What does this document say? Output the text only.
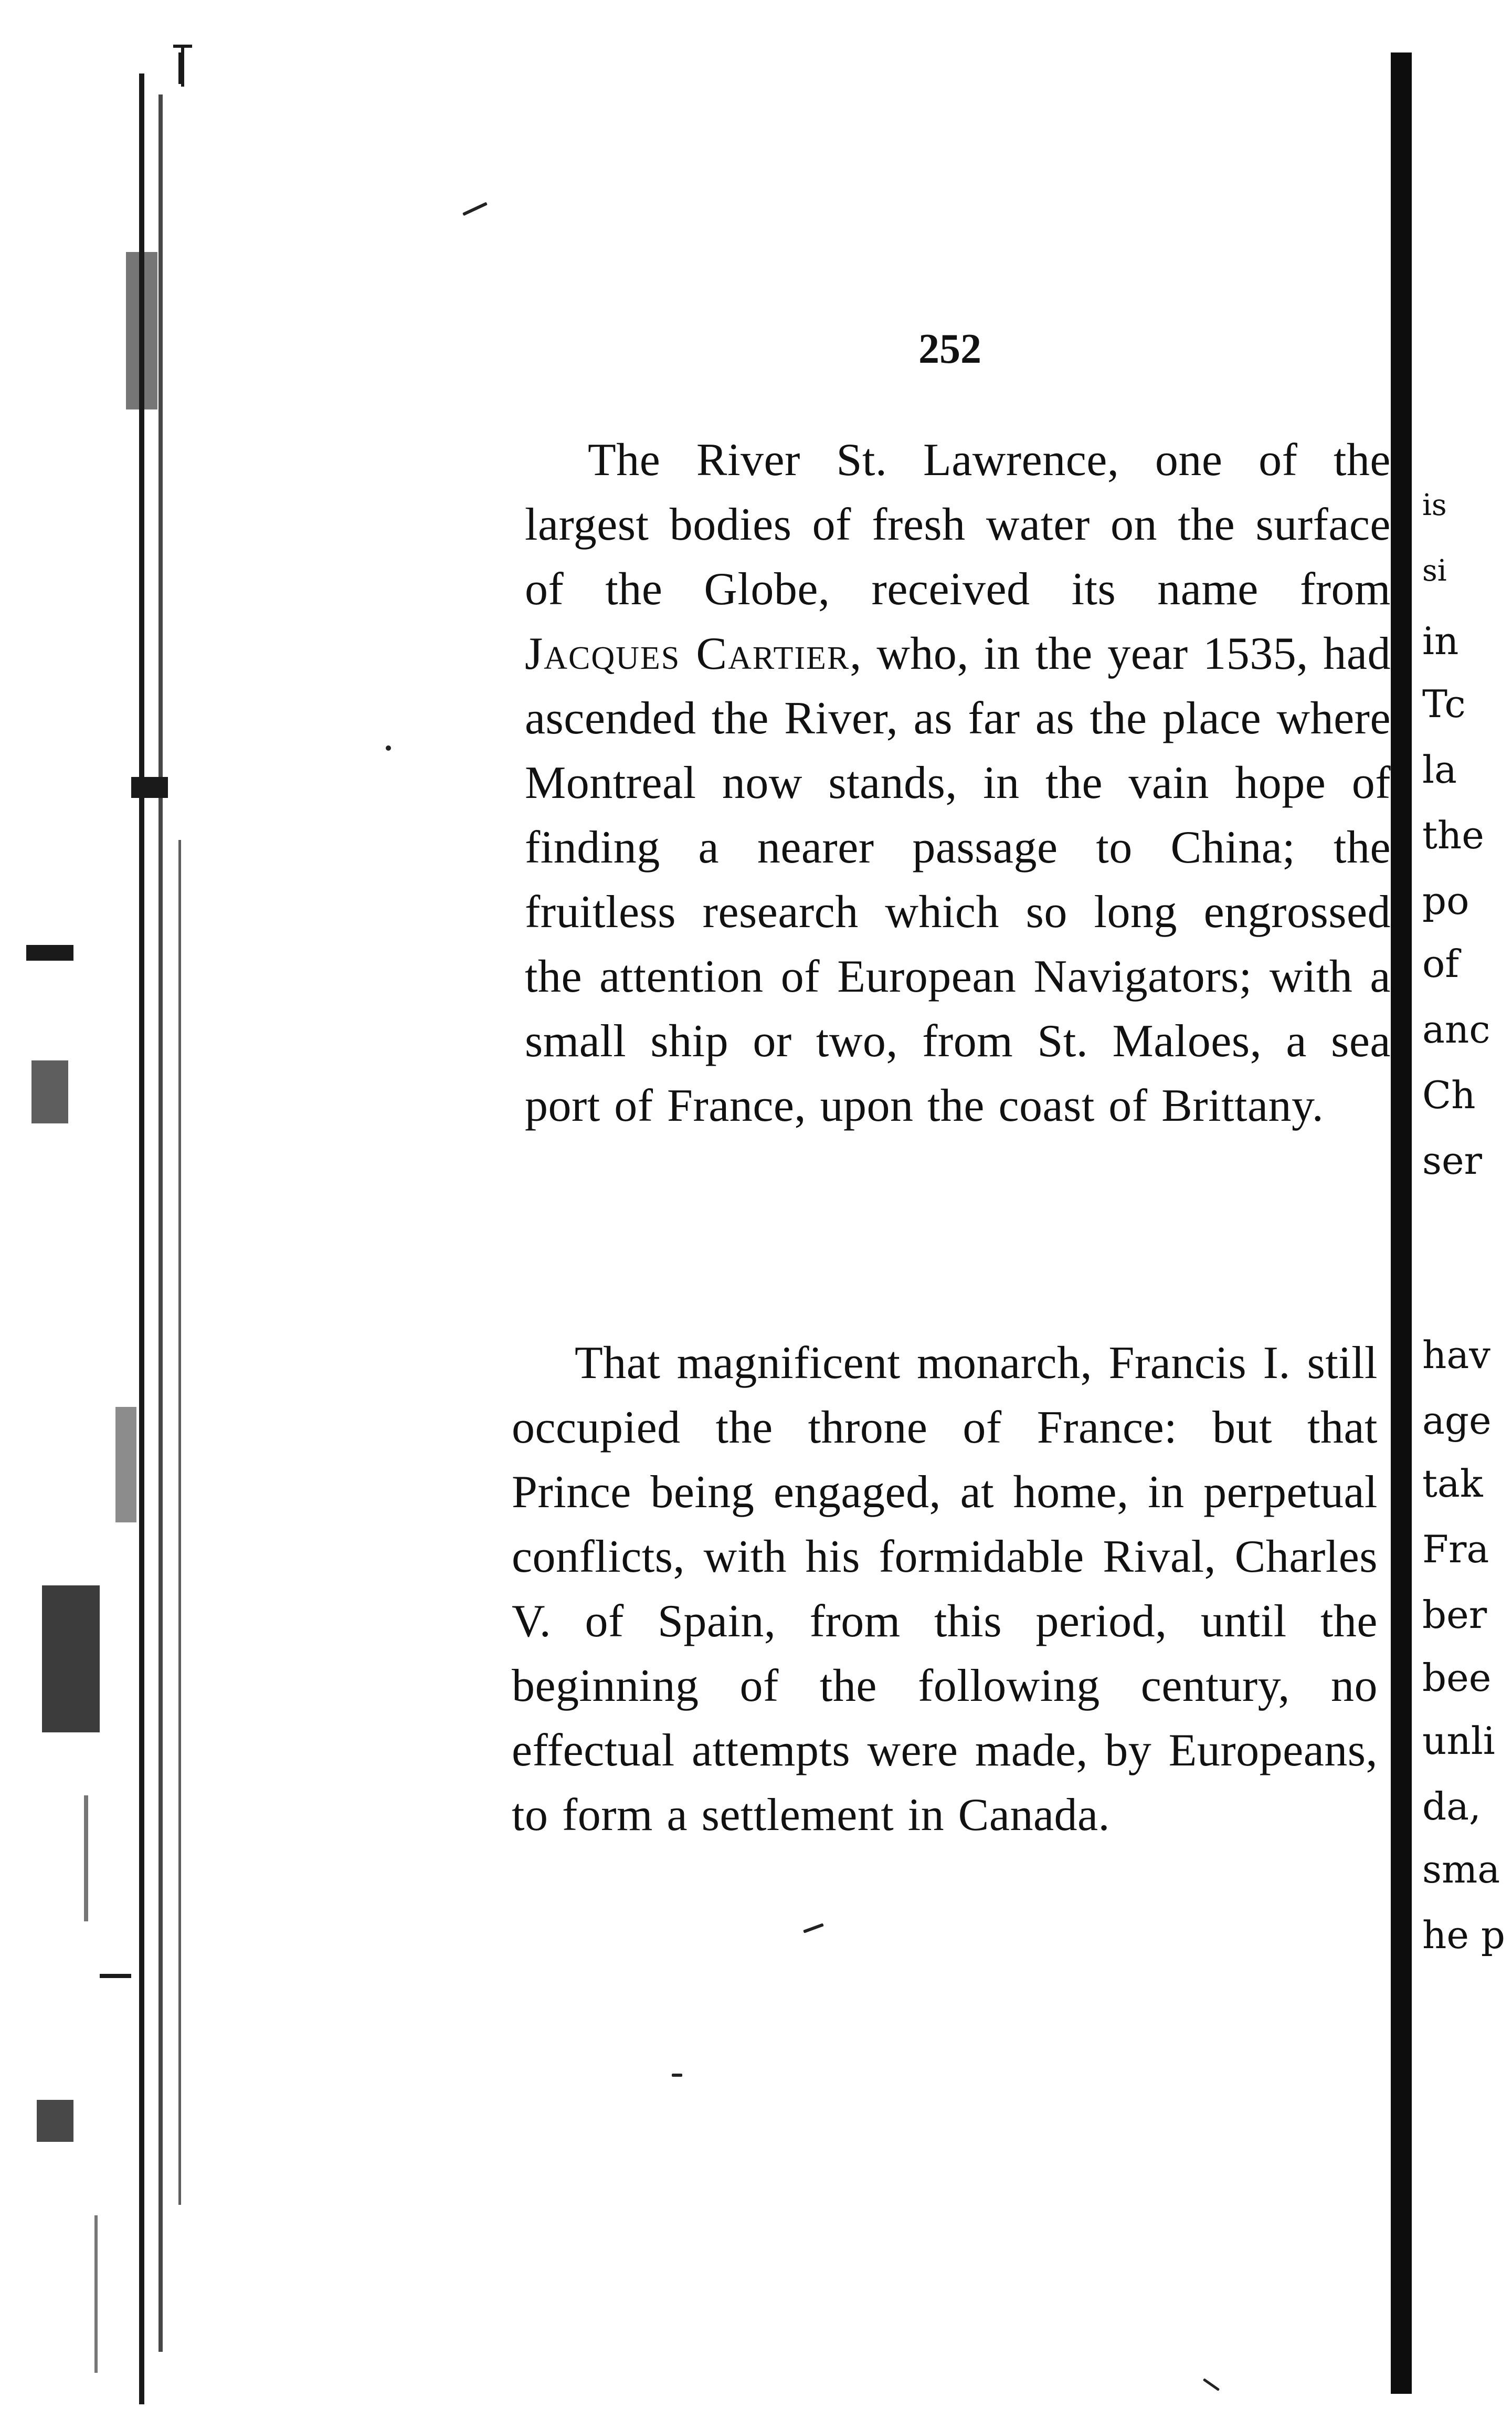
is
si
in
Tc
la
the
po
of
anc
Ch
ser
hav
age
tak
Fra
ber
bee
unli
da,
sma
he p
252
The River St. Lawrence, one of the largest bodies of fresh water on the surface of the Globe, received its name from Jacques Cartier, who, in the year 1535, had ascended the River, as far as the place where Montreal now stands, in the vain hope of finding a nearer passage to China; the fruitless research which so long engrossed the attention of European Navigators; with a small ship or two, from St. Maloes, a sea port of France, upon the coast of Brittany.
That magnificent monarch, Francis I. still occupied the throne of France: but that Prince being engaged, at home, in perpetual conflicts, with his formidable Rival, Charles V. of Spain, from this period, until the beginning of the following century, no effectual attempts were made, by Europeans, to form a settlement in Canada.
